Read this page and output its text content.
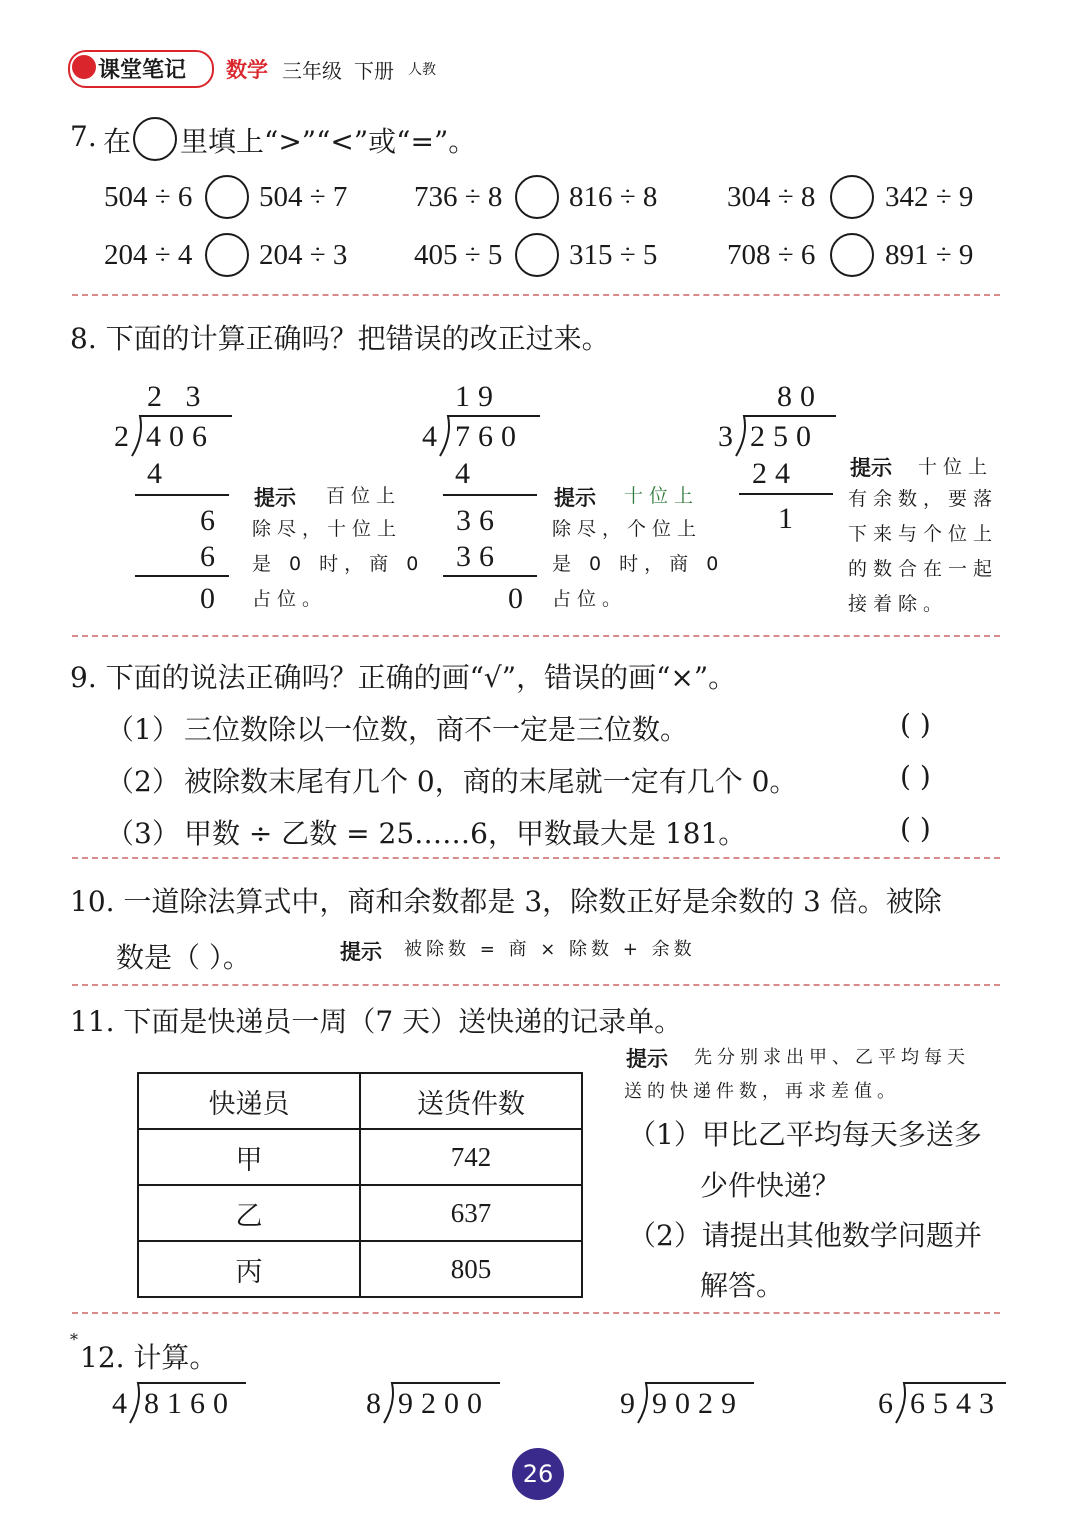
课堂笔记 数学 三年级 下册 人教
7. 在 里填上“>”“<”或“=”。
504 ÷ 6 504 ÷ 7 736 ÷ 8 816 ÷ 8 304 ÷ 8 342 ÷ 9
204 ÷ 4 204 ÷ 3 405 ÷ 5 315 ÷ 5 708 ÷ 6 891 ÷ 9
8. 下面的计算正确吗？把错误的改正过来。
2 3
2 406
4
6
6
0
提示 百位上
除尽，十位上
是 0 时，商 0
占位。
19
4 760
4
36
36
0
提示 十位上
除尽，个位上
是 0 时，商 0
占位。
80
3 250
24
1
提示 十位上
有余数，要落
下来与个位上
的数合在一起
接着除。
9. 下面的说法正确吗？正确的画“√”，错误的画“×”。
（1） 三位数除以一位数，商不一定是三位数。	( )
（2） 被除数末尾有几个 0，商的末尾就一定有几个 0。	( )
（3） 甲数 ÷ 乙数 = 25……6，甲数最大是 181。	( )
10. 一道除法算式中，商和余数都是 3，除数正好是余数的 3 倍。被除
数是（ ）。	提示 被除数 = 商 × 除数 + 余数
11. 下面是快递员一周（7 天）送快递的记录单。
快递员	送货件数
甲	742
乙	637
丙	805
提示 先分别求出甲、乙平均每天
送的快递件数，再求差值。
（1）甲比乙平均每天多送多
少件快递？
（2）请提出其他数学问题并
解答。
*
12. 计算。
4 8160	8 9200	9 9029	6 6543
26
